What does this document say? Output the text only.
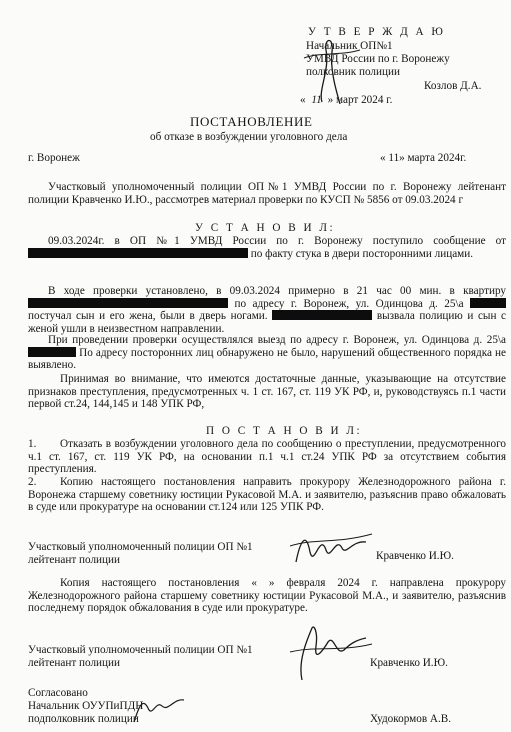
У Т В Е Р Ж Д А Ю
Начальник ОП№1
УМВД России по г. Воронежу
полковник полиции
Козлов Д.А.
« 11 » март 2024 г.
ПОСТАНОВЛЕНИЕ
об отказе в возбуждении уголовного дела
г. Воронеж	« 11» марта 2024г.
Участковый уполномоченный полиции ОП№1 УМВД России по г. Воронежу лейтенант полиции Кравченко И.Ю., рассмотрев материал проверки по КУСП № 5856 от 09.03.2024 г
У С Т А Н О В И Л:

09.03.2024г. в ОП №1 УМВД России по г. Воронежу поступило сообщение от  по факту стука в двери посторонними лицами.

В ходе проверки установлено, в 09.03.2024 примерно в 21 час 00 мин. в квартиру  по адресу г. Воронеж, ул. Одинцова д. 25\а  постучал сын и его жена, были в дверь ногами.	вызвала полицию и сын с женой ушли в неизвестном направлении.

При проведении проверки осуществлялся выезд по адресу г. Воронеж, ул. Одинцова д. 25\а  По адресу посторонних лиц обнаружено не было, нарушений общественного порядка не выявлено.

Принимая во внимание, что имеются достаточные данные, указывающие на отсутствие признаков преступления, предусмотренных ч. 1 ст. 167, ст. 119 УК РФ, и, руководствуясь п.1 части первой ст.24, 144,145 и 148 УПК РФ,

П О С Т А Н О В И Л:

1. Отказать в возбуждении уголовного дела по сообщению о преступлении, предусмотренного ч.1 ст. 167, ст. 119 УК РФ, на основании п.1 ч.1 ст.24 УПК РФ за отсутствием события преступления.

2. Копию настоящего постановления направить прокурору Железнодорожного района г. Воронежа старшему советнику юстиции Рукасовой М.А. и заявителю, разъяснив право обжаловать в суде или прокуратуре на основании ст.124 или 125 УПК РФ.

Участковый уполномоченный полиции ОП №1
лейтенант полиции	Кравченко И.Ю.

Копия настоящего постановления « » февраля 2024 г. направлена прокурору Железнодорожного района старшему советнику юстиции Рукасовой М.А., и заявителю, разъяснив последнему порядок обжалования в суде или прокуратуре.

Участковый уполномоченный полиции ОП №1
лейтенант полиции	Кравченко И.Ю.
Согласовано
Начальник ОУУПиПДН
подполковник полиции	Худокормов А.В.
